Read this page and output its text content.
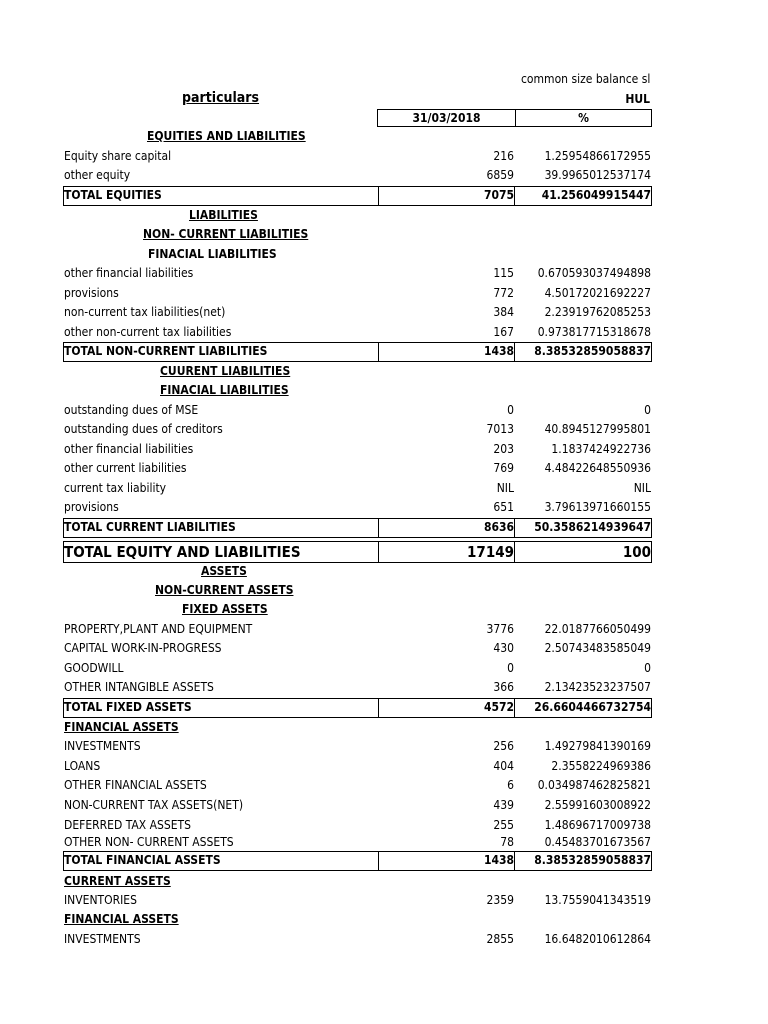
common size balance sl
HUL
particulars
31/03/2018	%
EQUITIES AND LIABILITIES
Equity share capital	216	1.25954866172955
other equity	6859	39.9965012537174
TOTAL EQUITIES	7075	41.256049915447
LIABILITIES
NON- CURRENT LIABILITIES
FINACIAL LIABILITIES
other financial liabilities	115	0.670593037494898
provisions	772	4.50172021692227
non-current tax liabilities(net)	384	2.23919762085253
other non-current tax liabilities	167	0.973817715318678
TOTAL NON-CURRENT LIABILITIES	1438	8.38532859058837
CUURENT LIABILITIES
FINACIAL LIABILITIES
outstanding dues of MSE	0	0
outstanding dues of creditors	7013	40.8945127995801
other financial liabilities	203	1.1837424922736
other current liabilities	769	4.48422648550936
current tax liability	NIL	NIL
provisions	651	3.79613971660155
TOTAL CURRENT LIABILITIES	8636	50.3586214939647
TOTAL EQUITY AND LIABILITIES	17149	100
ASSETS
NON-CURRENT ASSETS
FIXED ASSETS
PROPERTY,PLANT AND EQUIPMENT	3776	22.0187766050499
CAPITAL WORK-IN-PROGRESS	430	2.50743483585049
GOODWILL	0	0
OTHER INTANGIBLE ASSETS	366	2.13423523237507
TOTAL FIXED ASSETS	4572	26.6604466732754
FINANCIAL ASSETS
INVESTMENTS	256	1.49279841390169
LOANS	404	2.3558224969386
OTHER FINANCIAL ASSETS	6	0.034987462825821
NON-CURRENT TAX ASSETS(NET)	439	2.55991603008922
DEFERRED TAX ASSETS	255	1.48696717009738
OTHER NON- CURRENT ASSETS	78	0.45483701673567
TOTAL FINANCIAL ASSETS	1438	8.38532859058837
CURRENT ASSETS
INVENTORIES	2359	13.7559041343519
FINANCIAL ASSETS
INVESTMENTS	2855	16.6482010612864
